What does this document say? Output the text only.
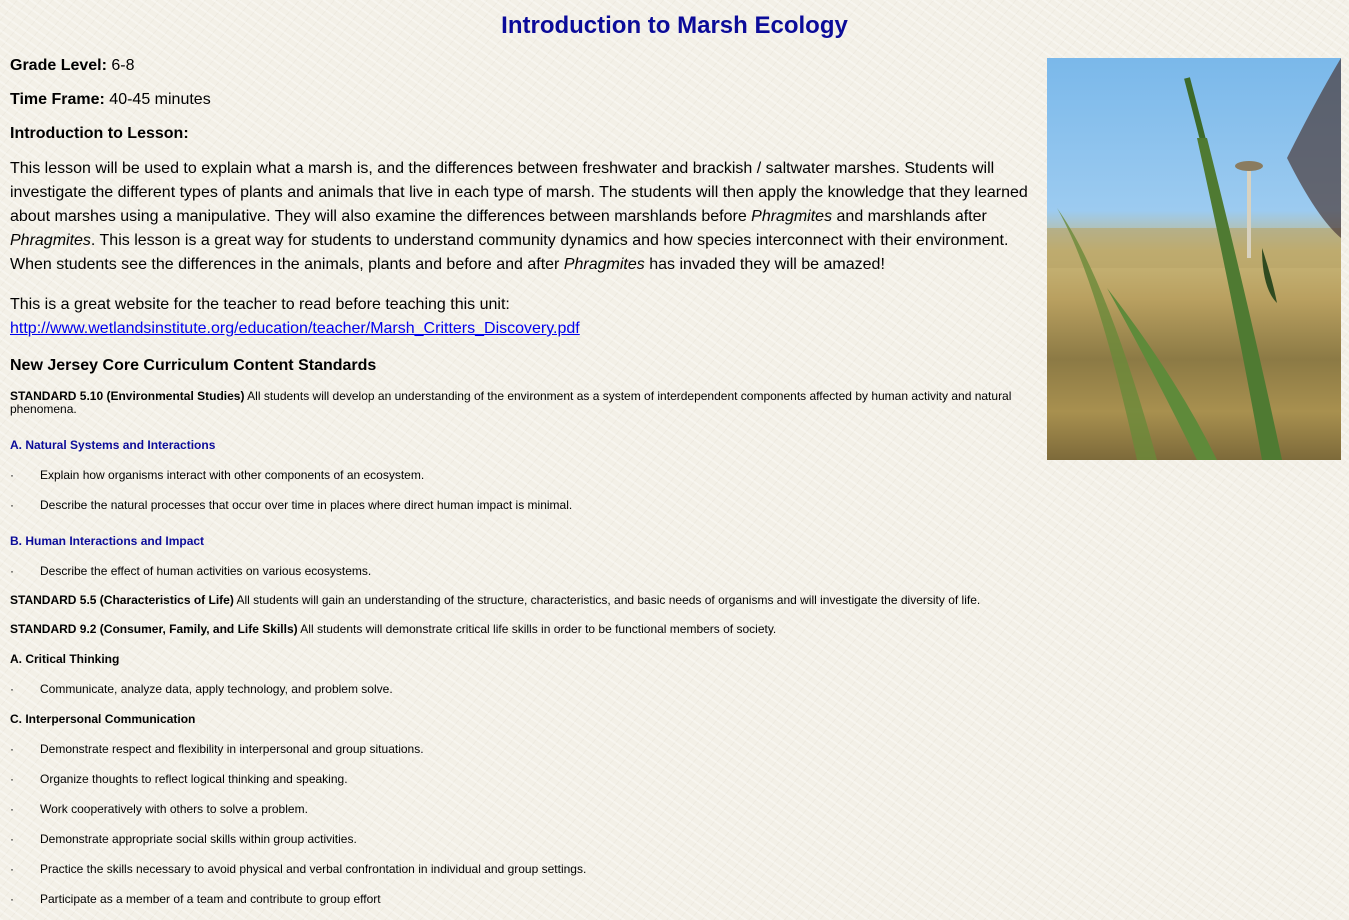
Introduction to Marsh Ecology

Grade Level: 6-8

Time Frame: 40-45 minutes

Introduction to Lesson:

This lesson will be used to explain what a marsh is, and the differences between freshwater and brackish / saltwater marshes. Students will investigate the different types of plants and animals that live in each type of marsh. The students will then apply the knowledge that they learned about marshes using a manipulative. They will also examine the differences between marshlands before Phragmites and marshlands after Phragmites. This lesson is a great way for students to understand community dynamics and how species interconnect with their environment. When students see the differences in the animals, plants and before and after Phragmites has invaded they will be amazed!

This is a great website for the teacher to read before teaching this unit:
http://www.wetlandsinstitute.org/education/teacher/Marsh_Critters_Discovery.pdf

New Jersey Core Curriculum Content Standards

STANDARD 5.10 (Environmental Studies) All students will develop an understanding of the environment as a system of interdependent components affected by human activity and natural phenomena.

A. Natural Systems and Interactions

· Explain how organisms interact with other components of an ecosystem.

· Describe the natural processes that occur over time in places where direct human impact is minimal.

B. Human Interactions and Impact

· Describe the effect of human activities on various ecosystems.

STANDARD 5.5 (Characteristics of Life) All students will gain an understanding of the structure, characteristics, and basic needs of organisms and will investigate the diversity of life.

STANDARD 9.2 (Consumer, Family, and Life Skills) All students will demonstrate critical life skills in order to be functional members of society.

A. Critical Thinking

· Communicate, analyze data, apply technology, and problem solve.

C. Interpersonal Communication

· Demonstrate respect and flexibility in interpersonal and group situations.

· Organize thoughts to reflect logical thinking and speaking.

· Work cooperatively with others to solve a problem.

· Demonstrate appropriate social skills within group activities.

· Practice the skills necessary to avoid physical and verbal confrontation in individual and group settings.

· Participate as a member of a team and contribute to group effort
